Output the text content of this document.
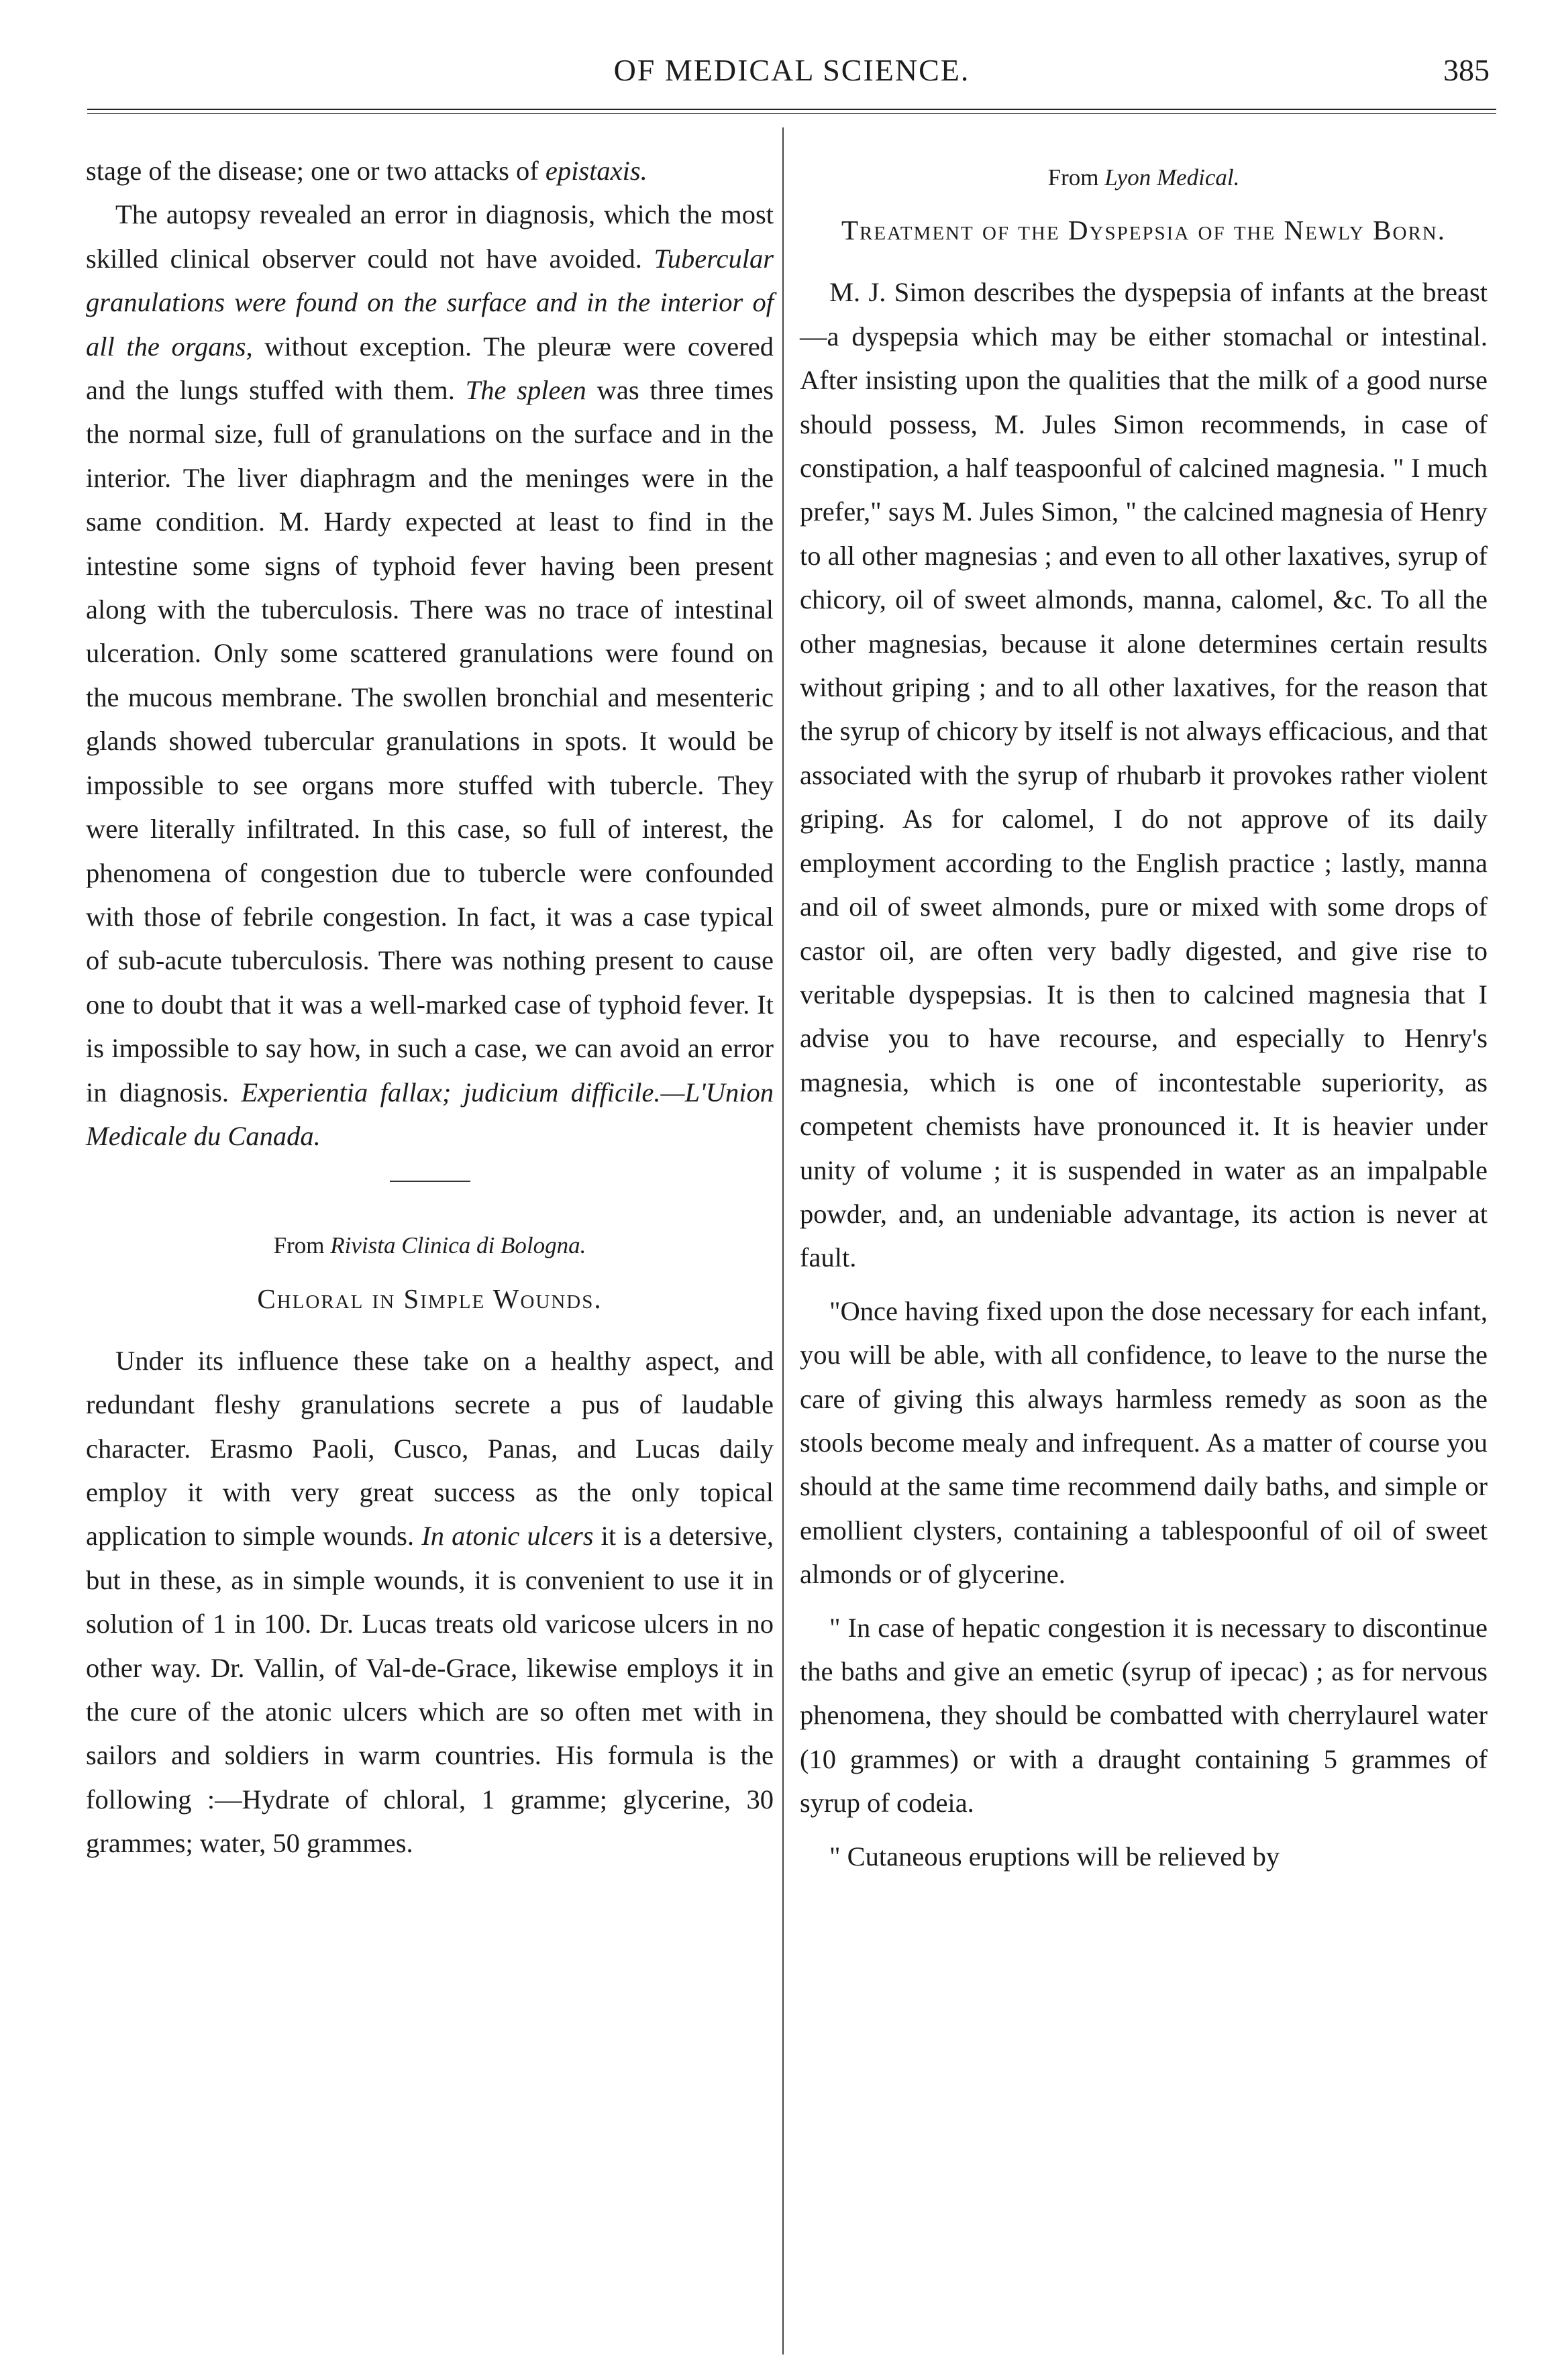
OF MEDICAL SCIENCE.	385

stage of the disease; one or two attacks of epistaxis.

The autopsy revealed an error in diagnosis, which the most skilled clinical observer could not have avoided. Tubercular granulations were found on the surface and in the interior of all the organs, without exception. The pleuræ were covered and the lungs stuffed with them. The spleen was three times the normal size, full of granulations on the surface and in the interior. The liver diaphragm and the meninges were in the same condition. M. Hardy expected at least to find in the intestine some signs of typhoid fever having been present along with the tuberculosis. There was no trace of intestinal ulceration. Only some scattered granulations were found on the mucous membrane. The swollen bronchial and mesenteric glands showed tubercular granulations in spots. It would be impossible to see organs more stuffed with tubercle. They were literally infiltrated. In this case, so full of interest, the phenomena of congestion due to tubercle were confounded with those of febrile congestion. In fact, it was a case typical of sub-acute tuberculosis. There was nothing present to cause one to doubt that it was a well-marked case of typhoid fever. It is impossible to say how, in such a case, we can avoid an error in diagnosis. Experientia fallax; judicium difficile.—L'Union Medicale du Canada.

From Rivista Clinica di Bologna.

Chloral in Simple Wounds.

Under its influence these take on a healthy aspect, and redundant fleshy granulations secrete a pus of laudable character. Erasmo Paoli, Cusco, Panas, and Lucas daily employ it with very great success as the only topical application to simple wounds. In atonic ulcers it is a detersive, but in these, as in simple wounds, it is convenient to use it in solution of 1 in 100. Dr. Lucas treats old varicose ulcers in no other way. Dr. Vallin, of Val-de-Grace, likewise employs it in the cure of the atonic ulcers which are so often met with in sailors and soldiers in warm countries. His formula is the following :—Hydrate of chloral, 1 gramme; glycerine, 30 grammes; water, 50 grammes.

From Lyon Medical.

Treatment of the Dyspepsia of the Newly Born.

M. J. Simon describes the dyspepsia of infants at the breast—a dyspepsia which may be either stomachal or intestinal. After insisting upon the qualities that the milk of a good nurse should possess, M. Jules Simon recommends, in case of constipation, a half teaspoonful of calcined magnesia. " I much prefer," says M. Jules Simon, " the calcined magnesia of Henry to all other magnesias ; and even to all other laxatives, syrup of chicory, oil of sweet almonds, manna, calomel, &c. To all the other magnesias, because it alone determines certain results without griping ; and to all other laxatives, for the reason that the syrup of chicory by itself is not always efficacious, and that associated with the syrup of rhubarb it provokes rather violent griping. As for calomel, I do not approve of its daily employment according to the English practice ; lastly, manna and oil of sweet almonds, pure or mixed with some drops of castor oil, are often very badly digested, and give rise to veritable dyspepsias. It is then to calcined magnesia that I advise you to have recourse, and especially to Henry's magnesia, which is one of incontestable superiority, as competent chemists have pronounced it. It is heavier under unity of volume ; it is suspended in water as an impalpable powder, and, an undeniable advantage, its action is never at fault.

"Once having fixed upon the dose necessary for each infant, you will be able, with all confidence, to leave to the nurse the care of giving this always harmless remedy as soon as the stools become mealy and infrequent. As a matter of course you should at the same time recommend daily baths, and simple or emollient clysters, containing a tablespoonful of oil of sweet almonds or of glycerine.

" In case of hepatic congestion it is necessary to discontinue the baths and give an emetic (syrup of ipecac) ; as for nervous phenomena, they should be combatted with cherrylaurel water (10 grammes) or with a draught containing 5 grammes of syrup of codeia.

" Cutaneous eruptions will be relieved by
